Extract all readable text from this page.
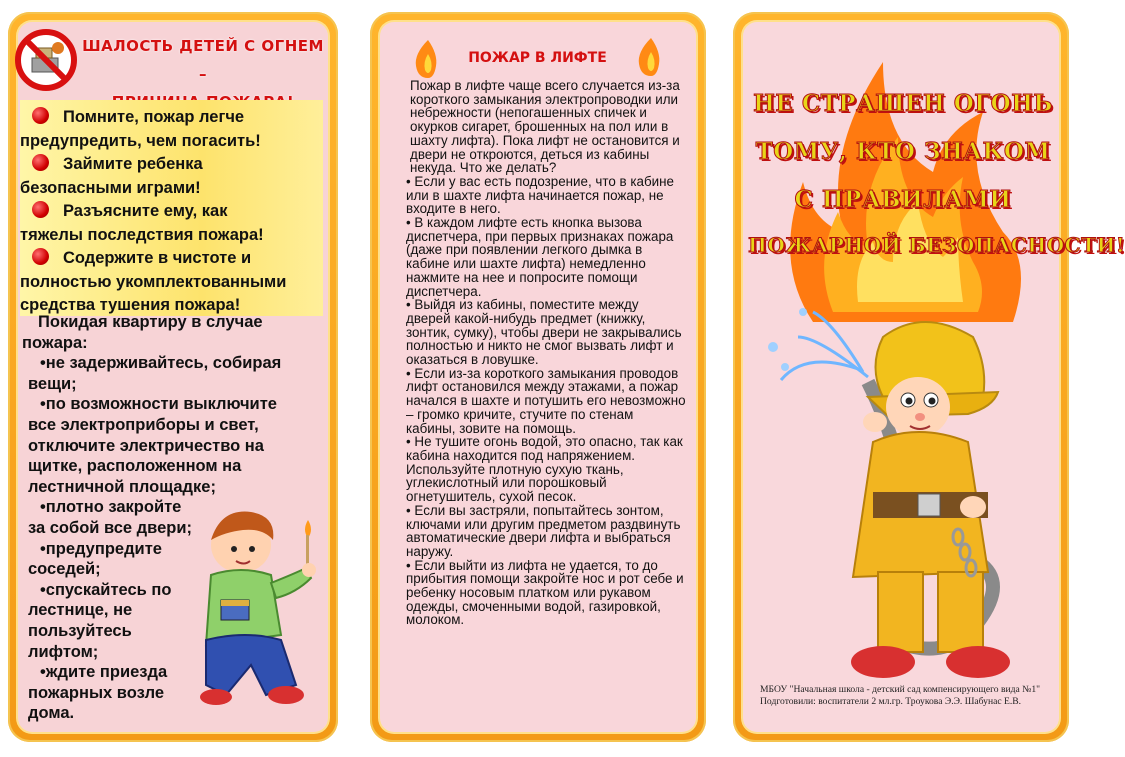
ШАЛОСТЬ ДЕТЕЙ С ОГНЕМ –

Помните, пожар легче
предупредить, чем погасить!

Займите ребенка
безопасными играми!

Разъясните ему, как
тяжелы последствия пожара!

Содержите в чистоте и
полностью укомплектованными средства тушения пожара!

Покидая квартиру в случае
пожара:
•не задерживайтесь, собирая
вещи;
•по возможности выключите
все электроприборы и свет,
отключите электричество на
щитке, расположенном на
лестничной площадке;
•плотно закройте
за собой все двери;
•предупредите
соседей;
•спускайтесь по
лестнице, не
пользуйтесь
лифтом;
•ждите приезда
пожарных возле
дома.
ПОЖАР В ЛИФТЕ

Пожар в лифте чаще всего случается из-за короткого замыкания электропроводки или небрежности (непогашенных спичек и окурков сигарет, брошенных на пол или в шахту лифта). Пока лифт не остановится и двери не откроются, деться из кабины некуда. Что же делать?

• Если у вас есть подозрение, что в кабине или в шахте лифта начинается пожар, не входите в него.

• В каждом лифте есть кнопка вызова диспетчера, при первых признаках пожара (даже при появлении легкого дымка в кабине или шахте лифта) немедленно нажмите на нее и попросите помощи диспетчера.

• Выйдя из кабины, поместите между дверей какой-нибудь предмет (книжку, зонтик, сумку), чтобы двери не закрывались полностью и никто не смог вызвать лифт и оказаться в ловушке.

• Если из-за короткого замыкания проводов лифт остановился между этажами, а пожар начался в шахте и потушить его невозможно – громко кричите, стучите по стенам кабины, зовите на помощь.

• Не тушите огонь водой, это опасно, так как кабина находится под напряжением. Используйте плотную сухую ткань, углекислотный или порошковый огнетушитель, сухой песок.

• Если вы застряли, попытайтесь зонтом, ключами или другим предметом раздвинуть автоматические двери лифта и выбраться наружу.

• Если выйти из лифта не удается, то до прибытия помощи закройте нос и рот себе и ребенку носовым платком или рукавом одежды, смоченными водой, газировкой, молоком.

НЕ СТРАШЕН ОГОНЬ
ТОМУ, КТО ЗНАКОМ
С ПРАВИЛАМИ
ПОЖАРНОЙ БЕЗОПАСНОСТИ!
МБОУ "Начальная школа - детский сад компенсирующего вида №1"
Подготовили: воспитатели 2 мл.гр. Троукова Э.Э. Шабунас Е.В.
